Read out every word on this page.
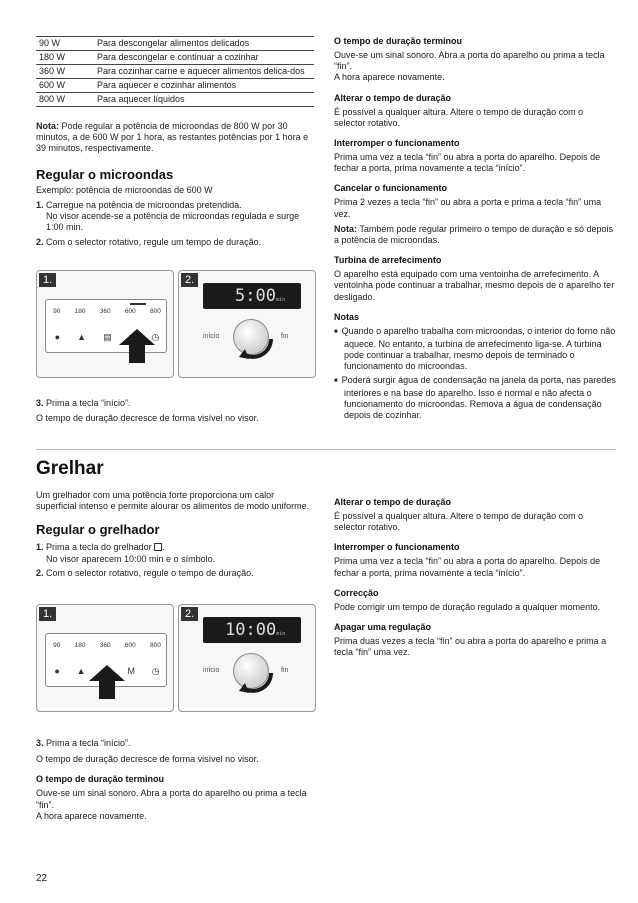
90 W	Para descongelar alimentos delicados
180 W	Para descongelar e continuar a cozinhar
360 W	Para cozinhar carne e aquecer alimentos delica-dos
600 W	Para aquecer e cozinhar alimentos
800 W	Para aquecer líquidos

Nota: Pode regular a potência de microondas de 800 W por 30 minutos, a de 600 W por 1 hora, as restantes potências por 1 hora e 39 minutos, respectivamente.

Regular o microondas

Exemplo: potência de microondas de 600 W

1. Carregue na potência de microondas pretendida.
No visor acende-se a potência de microondas regulada e surge 1:00 min.
2. Com o selector rotativo, regule um tempo de duração.
1.
90 180 360 600 800
● ▲ ▤	◷
2.
5:00min
início	fin
3. Prima a tecla “início”.

O tempo de duração decresce de forma visível no visor.

O tempo de duração terminou

Ouve-se um sinal sonoro. Abra a porta do aparelho ou prima a tecla “fin”.

A hora aparece novamente.

Alterar o tempo de duração

É possível a qualquer altura. Altere o tempo de duração com o selector rotativo.

Interromper o funcionamento

Prima uma vez a tecla “fin” ou abra a porta do aparelho. Depois de fechar a porta, prima novamente a tecla “início”.

Cancelar o funcionamento

Prima 2 vezes a tecla “fin” ou abra a porta e prima a tecla “fin” uma vez.

Nota: Também pode regular primeiro o tempo de duração e só depois a potência de microondas.

Turbina de arrefecimento

O aparelho está equipado com uma ventoinha de arrefecimento. A ventoinha pode continuar a trabalhar, mesmo depois de o aparelho ter desligado.

Notas

■ Quando o aparelho trabalha com microondas, o interior do forno não aquece. No entanto, a turbina de arrefecimento liga-se. A turbina pode continuar a trabalhar, mesmo depois de terminado o funcionamento do microondas.

■ Poderá surgir água de condensação na janela da porta, nas paredes interiores e na base do aparelho. Isso é normal e não afecta o funcionamento do microondas. Remova a água de condensação depois de cozinhar.

Grelhar

Um grelhador com uma potência forte proporciona um calor superficial intenso e permite alourar os alimentos de modo uniforme.

Regular o grelhador
1. Prima a tecla do grelhador .
No visor aparecem 10:00 min e o símbolo.
2. Com o selector rotativo, regule o tempo de duração.
1.
90 180 360 600 800
● ▲	M ◷
2.
10:00min
início	fin
3. Prima a tecla “início”.

O tempo de duração decresce de forma visível no visor.

O tempo de duração terminou

Ouve-se um sinal sonoro. Abra a porta do aparelho ou prima a tecla “fin”.

A hora aparece novamente.

Alterar o tempo de duração

É possível a qualquer altura. Altere o tempo de duração com o selector rotativo.

Interromper o funcionamento

Prima uma vez a tecla “fin” ou abra a porta do aparelho. Depois de fechar a porta, prima novamente a tecla “início”.

Correcção

Pode corrigir um tempo de duração regulado a qualquer momento.

Apagar uma regulação

Prima duas vezes a tecla “fin” ou abra a porta do aparelho e prima a tecla “fin” uma vez.

22
